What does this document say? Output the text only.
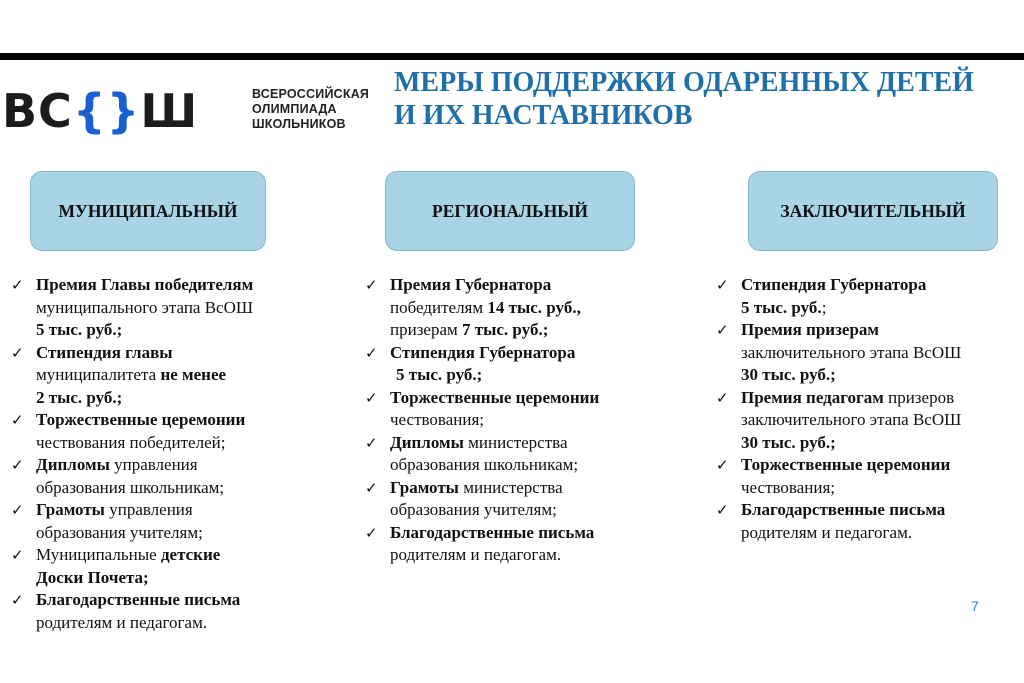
ВС{}Ш	ВСЕРОССИЙСКАЯ
ОЛИМПИАДА
ШКОЛЬНИКОВ
МЕРЫ ПОДДЕРЖКИ ОДАРЕННЫХ ДЕТЕЙ
И ИХ НАСТАВНИКОВ
МУНИЦИПАЛЬНЫЙ	РЕГИОНАЛЬНЫЙ	ЗАКЛЮЧИТЕЛЬНЫЙ
✓ Премия Главы победителям
муниципального этапа ВсОШ
5 тыс. руб.;
✓ Стипендия главы
муниципалитета не менее
2 тыс. руб.;
✓ Торжественные церемонии
чествования победителей;
✓ Дипломы управления
образования школьникам;
✓ Грамоты управления
образования учителям;
✓ Муниципальные детские
Доски Почета;
✓ Благодарственные письма
родителям и педагогам.
✓ Премия Губернатора
победителям 14 тыс. руб.,
призерам 7 тыс. руб.;
✓ Стипендия Губернатора
5 тыс. руб.;
✓ Торжественные церемонии
чествования;
✓ Дипломы министерства
образования школьникам;
✓ Грамоты министерства
образования учителям;
✓ Благодарственные письма
родителям и педагогам.
✓ Стипендия Губернатора
5 тыс. руб.;
✓ Премия призерам
заключительного этапа ВсОШ
30 тыс. руб.;
✓ Премия педагогам призеров
заключительного этапа ВсОШ
30 тыс. руб.;
✓ Торжественные церемонии
чествования;
✓ Благодарственные письма
родителям и педагогам.
7
